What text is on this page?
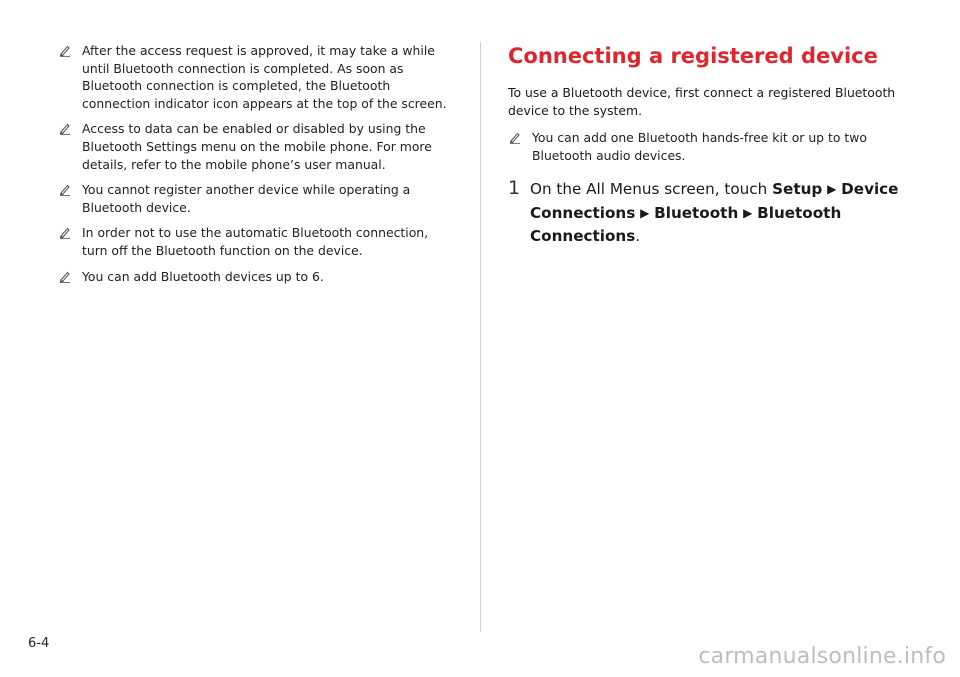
After the access request is approved, it may take a while until Bluetooth connection is completed. As soon as Bluetooth connection is completed, the Bluetooth connection indicator icon appears at the top of the screen.
Access to data can be enabled or disabled by using the Bluetooth Settings menu on the mobile phone. For more details, refer to the mobile phone’s user manual.
You cannot register another device while operating a Bluetooth device.
In order not to use the automatic Bluetooth connection, turn off the Bluetooth function on the device.
You can add Bluetooth devices up to 6.
Connecting a registered device

To use a Bluetooth device, first connect a registered Bluetooth device to the system.

You can add one Bluetooth hands-free kit or up to two Bluetooth audio devices.
1 On the All Menus screen, touch Setup ▶ Device Connections ▶ Bluetooth ▶ Bluetooth Connections.
6-4
carmanualsonline.info
